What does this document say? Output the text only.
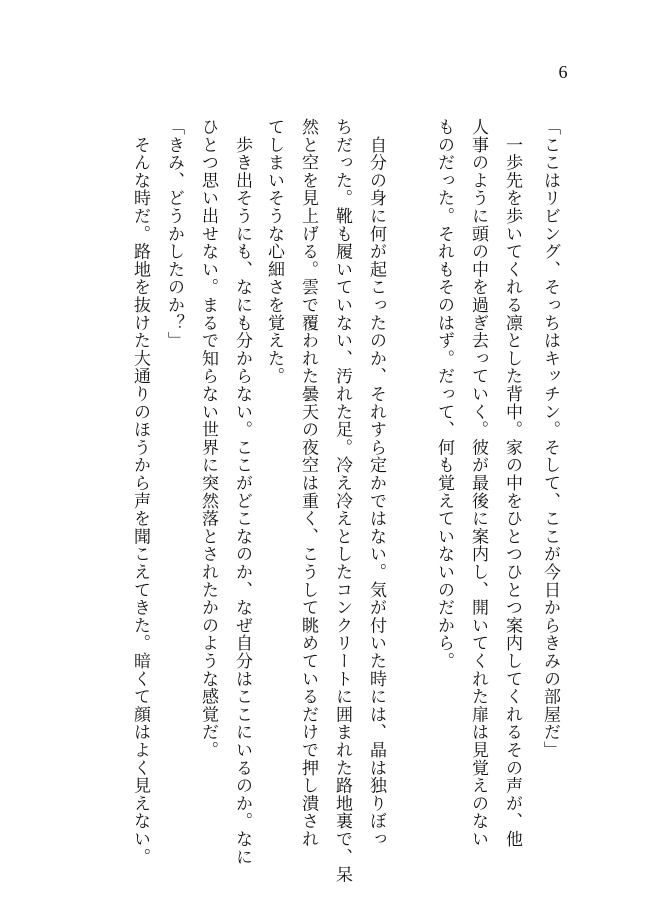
6
「ここはリビング、そっちはキッチン。そして、ここが今日からきみの部屋だ」
　一歩先を歩いてくれる凛とした背中。家の中をひとつひとつ案内してくれるその声が、他
人事のように頭の中を過ぎ去っていく。彼が最後に案内し、開いてくれた扉は見覚えのない
ものだった。それもそのはず。だって、何も覚えていないのだから。
　自分の身に何が起こったのか、それすら定かではない。気が付いた時には、晶は独りぼっ
ちだった。靴も履いていない、汚れた足。冷え冷えとしたコンクリートに囲まれた路地裏で、呆
然と空を見上げる。雲で覆われた曇天の夜空は重く、こうして眺めているだけで押し潰され
てしまいそうな心細さを覚えた。
　歩き出そうにも、なにも分からない。ここがどこなのか、なぜ自分はここにいるのか。なに
ひとつ思い出せない。まるで知らない世界に突然落とされたかのような感覚だ。
「きみ、どうかしたのか？」
　そんな時だ。路地を抜けた大通りのほうから声を聞こえてきた。暗くて顔はよく見えない。
